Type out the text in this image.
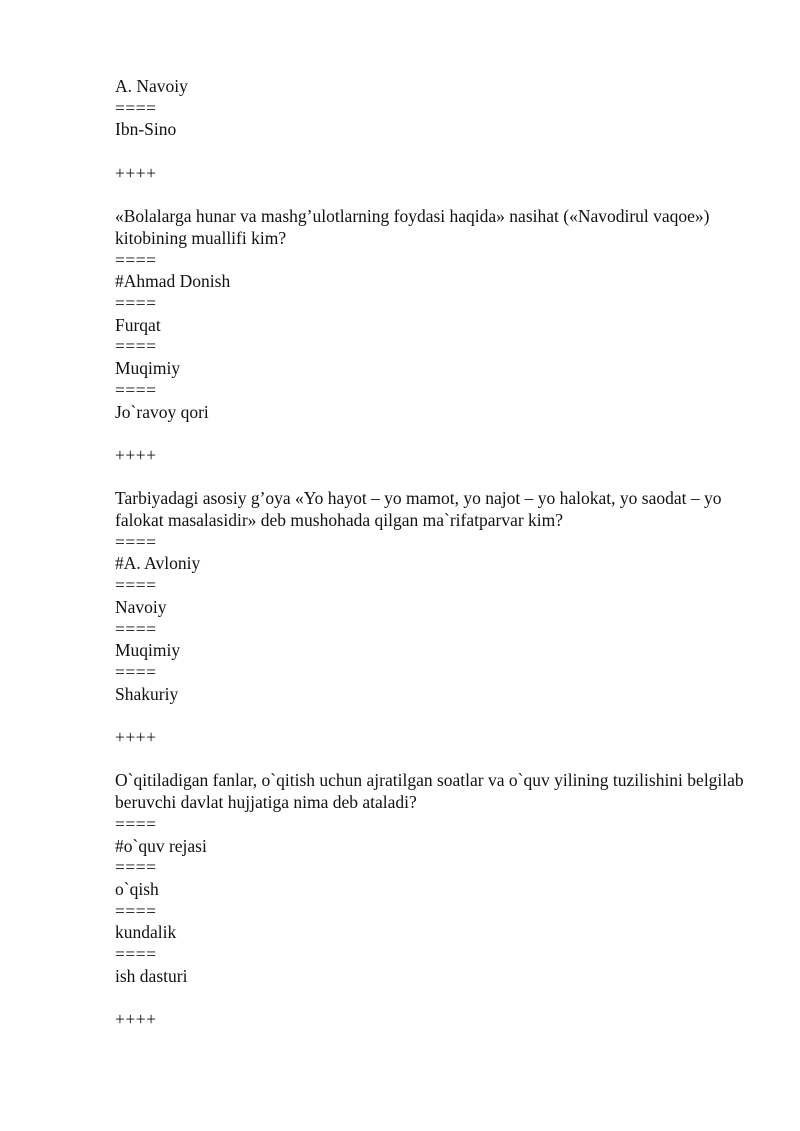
A. Navoiy

====

Ibn-Sino

++++

«Bolalarga hunar va mashg’ulotlarning foydasi haqida» nasihat («Navodirul vaqoe») kitobining muallifi kim?

====

#Ahmad Donish

====

Furqat

====

Muqimiy

====

Jo`ravoy qori

++++

Tarbiyadagi asosiy g’oya «Yo hayot – yo mamot, yo najot – yo halokat, yo saodat – yo falokat masalasidir» deb mushohada qilgan ma`rifatparvar kim?

====

#A. Avloniy

====

Navoiy

====

Muqimiy

====

Shakuriy

++++

O`qitiladigan fanlar, o`qitish uchun ajratilgan soatlar va o`quv yilining tuzilishini belgilab beruvchi davlat hujjatiga nima deb ataladi?

====

#o`quv rejasi

====

o`qish

====

kundalik

====

ish dasturi

++++
